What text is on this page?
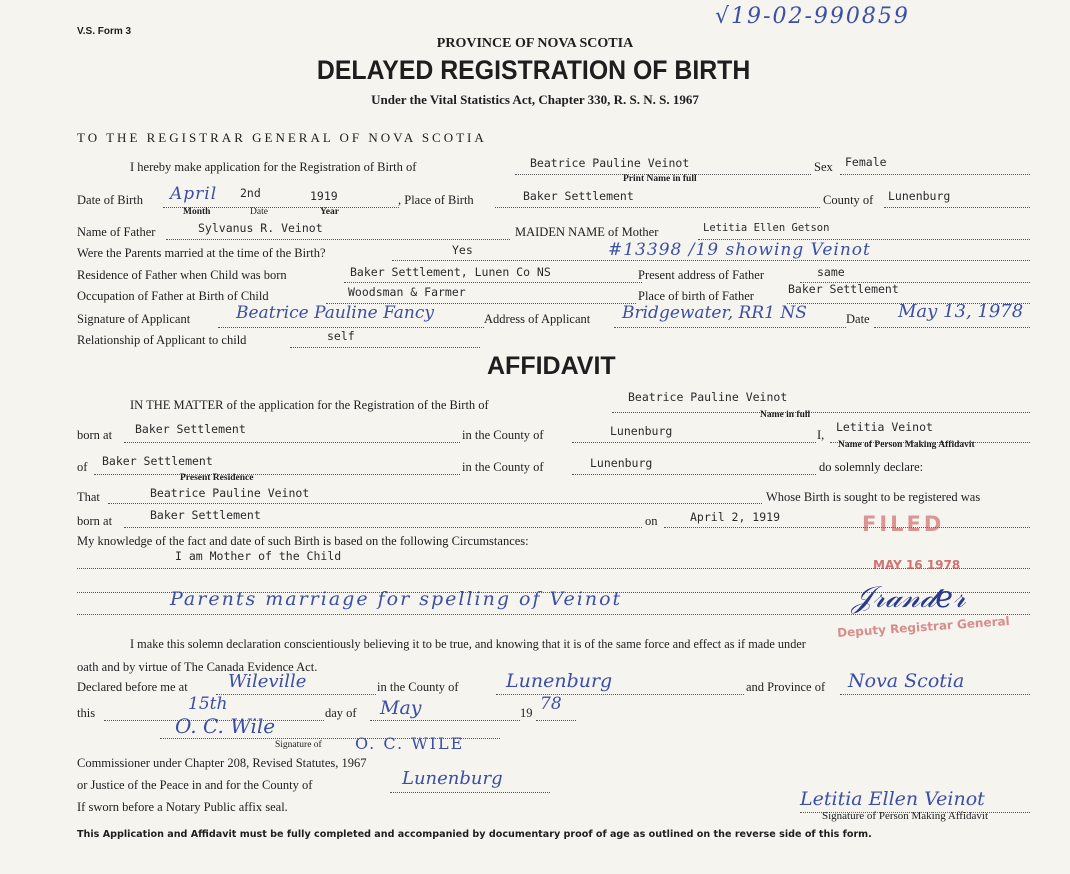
V.S. Form 3
√19-02-990859
PROVINCE OF NOVA SCOTIA
DELAYED REGISTRATION OF BIRTH
Under the Vital Statistics Act, Chapter 330, R. S. N. S. 1967
TO THE REGISTRAR GENERAL OF NOVA SCOTIA
I hereby make application for the Registration of Birth of	Beatrice Pauline Veinot
Print Name in full
Sex Female
Date of Birth April 2nd	1919
Month	Date	Year
, Place of Birth	Baker Settlement	County of Lunenburg
Name of Father	Sylvanus R. Veinot	MAIDEN NAME of Mother	Letitia Ellen Getson
Were the Parents married at the time of the Birth?	Yes	#13398 /19 showing Veinot
Residence of Father when Child was born	Baker Settlement, Lunen Co NS	Present address of Father	same
Occupation of Father at Birth of Child	Woodsman & Farmer	Place of birth of Father	Baker Settlement
Signature of Applicant	Beatrice Pauline Fancy	Address of Applicant Bridgewater, RR1 NS	Date May 13, 1978
Relationship of Applicant to child	self
AFFIDAVIT
IN THE MATTER of the application for the Registration of the Birth of
Beatrice Pauline Veinot
Name in full
born at Baker Settlement	in the County of	Lunenburg	I,
Letitia Veinot
Name of Person Making Affidavit
of Baker Settlement
Present Residence
in the County of	Lunenburg	do solemnly declare:
That	Beatrice Pauline Veinot	Whose Birth is sought to be registered was
born at	Baker Settlement	on	April 2, 1919
My knowledge of the fact and date of such Birth is based on the following Circumstances:
I am Mother of the Child
Parents marriage for spelling of Veinot
FILED
MAY 16 1978
𝒥𝓇𝒶𝓃𝒹𝑒𝓇
Deputy Registrar General
I make this solemn declaration conscientiously believing it to be true, and knowing that it is of the same force and effect as if made under
oath and by virtue of The Canada Evidence Act.
Declared before me at Wileville	in the County of Lunenburg	and Province of Nova Scotia
this	15th	day of May	19 78
O. C. Wile
Signature of O. C. WILE
Commissioner under Chapter 208, Revised Statutes, 1967
or Justice of the Peace in and for the County of	Lunenburg
If sworn before a Notary Public affix seal.	Letitia Ellen Veinot
Signature of Person Making Affidavit
This Application and Affidavit must be fully completed and accompanied by documentary proof of age as outlined on the reverse side of this form.
